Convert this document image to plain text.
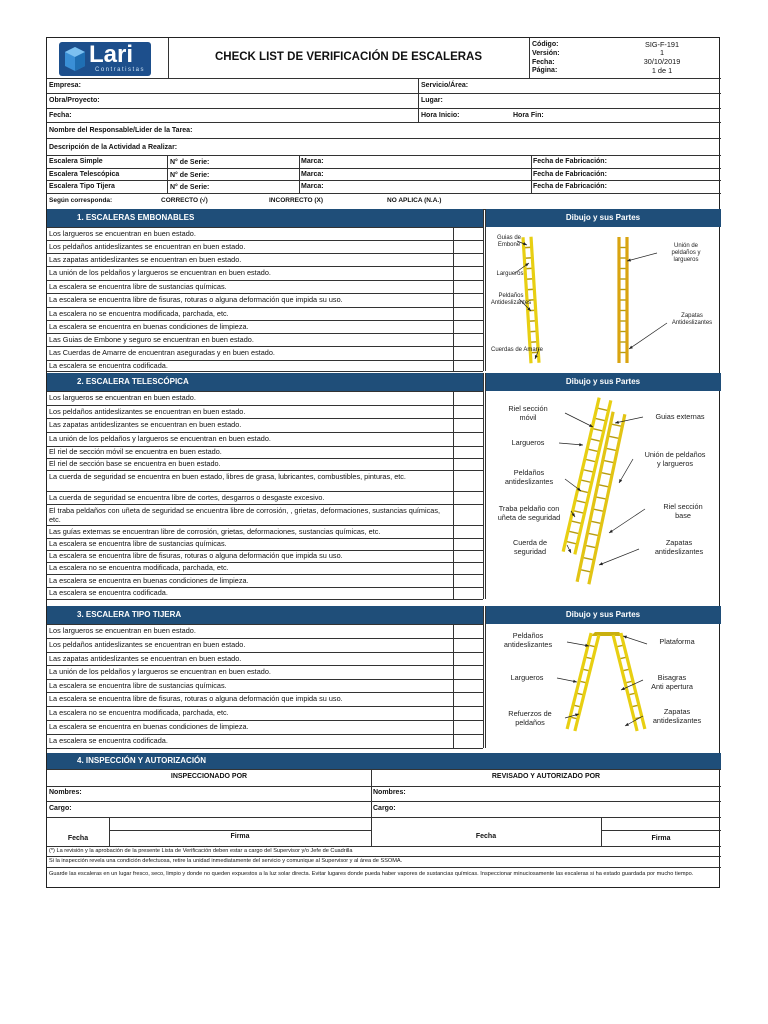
Lari
Contratistas
CHECK LIST DE VERIFICACIÓN DE ESCALERAS
Código:	SIG-F-191
Versión:	1
Fecha:	30/10/2019
Página:	1 de 1
Empresa:	Servicio/Área:
Obra/Proyecto:	Lugar:
Fecha:	Hora Inicio:	Hora Fin:
Nombre del Responsable/Lider de la Tarea:
Descripción de la Actividad a Realizar:
Escalera Simple	N° de Serie:	Marca:	Fecha de Fabricación:
Escalera Telescópica	N° de Serie:	Marca:	Fecha de Fabricación:
Escalera Tipo Tijera	N° de Serie:	Marca:	Fecha de Fabricación:
Según corresponda:	CORRECTO (√)	INCORRECTO (X)	NO APLICA (N.A.)
1. ESCALERAS EMBONABLES	Dibujo y sus Partes
Los largueros se encuentran en buen estado.
Los peldaños antideslizantes se encuentran en buen estado.
Las zapatas antideslizantes se encuentran en buen estado.
La unión de los peldaños y largueros se encuentran en buen estado.
La escalera se encuentra libre de sustancias químicas.
La escalera se encuentra libre de fisuras, roturas o alguna deformación que impida su uso.
La escalera no se encuentra modificada, parchada, etc.
La escalera se encuentra en buenas condiciones de limpieza.
Las Guias de Embone y seguro se encuentran en buen estado.
Las Cuerdas de Amarre de encuentran aseguradas y en buen estado.
La escalera se encuentra codificada.
Guias de
Embone
Largueros
Peldaños
Antideslizantes
Cuerdas de Amarre
Unión de
peldaños y
largueros
Zapatas
Antideslizantes
2. ESCALERA TELESCÓPICA	Dibujo y sus Partes
Los largueros se encuentran en buen estado.
Los peldaños antideslizantes se encuentran en buen estado.
Las zapatas antideslizantes se encuentran en buen estado.
La unión de los peldaños y largueros se encuentran en buen estado.
El riel de sección móvil se encuentra en buen estado.
El riel de sección base se encuentra en buen estado.
La cuerda de seguridad se encuentra en buen estado, libres de grasa, lubricantes, combustibles, pinturas, etc.
La cuerda de seguridad se encuentra libre de cortes, desgarros o desgaste excesivo.
El traba peldaños con uñeta de seguridad se encuentra libre de corrosión, , grietas, deformaciones, sustancias químicas, etc.
Las guías externas se encuentran libre de corrosión, grietas, deformaciones, sustancias químicas, etc.
La escalera se encuentra libre de sustancias químicas.
La escalera se encuentra libre de fisuras, roturas o alguna deformación que impida su uso.
La escalera no se encuentra modificada, parchada, etc.
La escalera se encuentra en buenas condiciones de limpieza.
La escalera se encuentra codificada.
Riel sección
móvil
Largueros
Peldaños
antideslizantes
Traba peldaño con
uñeta de seguridad
Cuerda de
seguridad
Guias externas
Unión de peldaños
y largueros
Riel sección
base
Zapatas
antideslizantes
3. ESCALERA TIPO TIJERA	Dibujo y sus Partes
Los largueros se encuentran en buen estado.
Los peldaños antideslizantes se encuentran en buen estado.
Las zapatas antideslizantes se encuentran en buen estado.
La unión de los peldaños y largueros se encuentran en buen estado.
La escalera se encuentra libre de sustancias químicas.
La escalera se encuentra libre de fisuras, roturas o alguna deformación que impida su uso.
La escalera no se encuentra modificada, parchada, etc.
La escalera se encuentra en buenas condiciones de limpieza.
La escalera se encuentra codificada.
Peldaños
antideslizantes
Largueros
Refuerzos de
peldaños
Plataforma
Bisagras
Anti apertura
Zapatas
antideslizantes
4. INSPECCIÓN Y AUTORIZACIÓN
INSPECCIONADO POR	REVISADO Y AUTORIZADO POR
Nombres:	Nombres:
Cargo:	Cargo:
Fecha	Firma	Fecha	Firma
(*) La revisión y la aprobación de la presente Lista de Verificación deben estar a cargo del Supervisor y/o Jefe de Cuadrilla
Si la inspección revela una condición defectuosa, retire la unidad inmediatamente del servicio y comunique al Supervisor y al área de SSOMA.
Guarde las escaleras en un lugar fresco, seco, limpio y donde no queden expuestos a la luz solar directa. Evitar lugares donde pueda haber vapores de sustancias químicas. Inspeccionar minuciosamente las escaleras si ha estado guardada por mucho tiempo.
